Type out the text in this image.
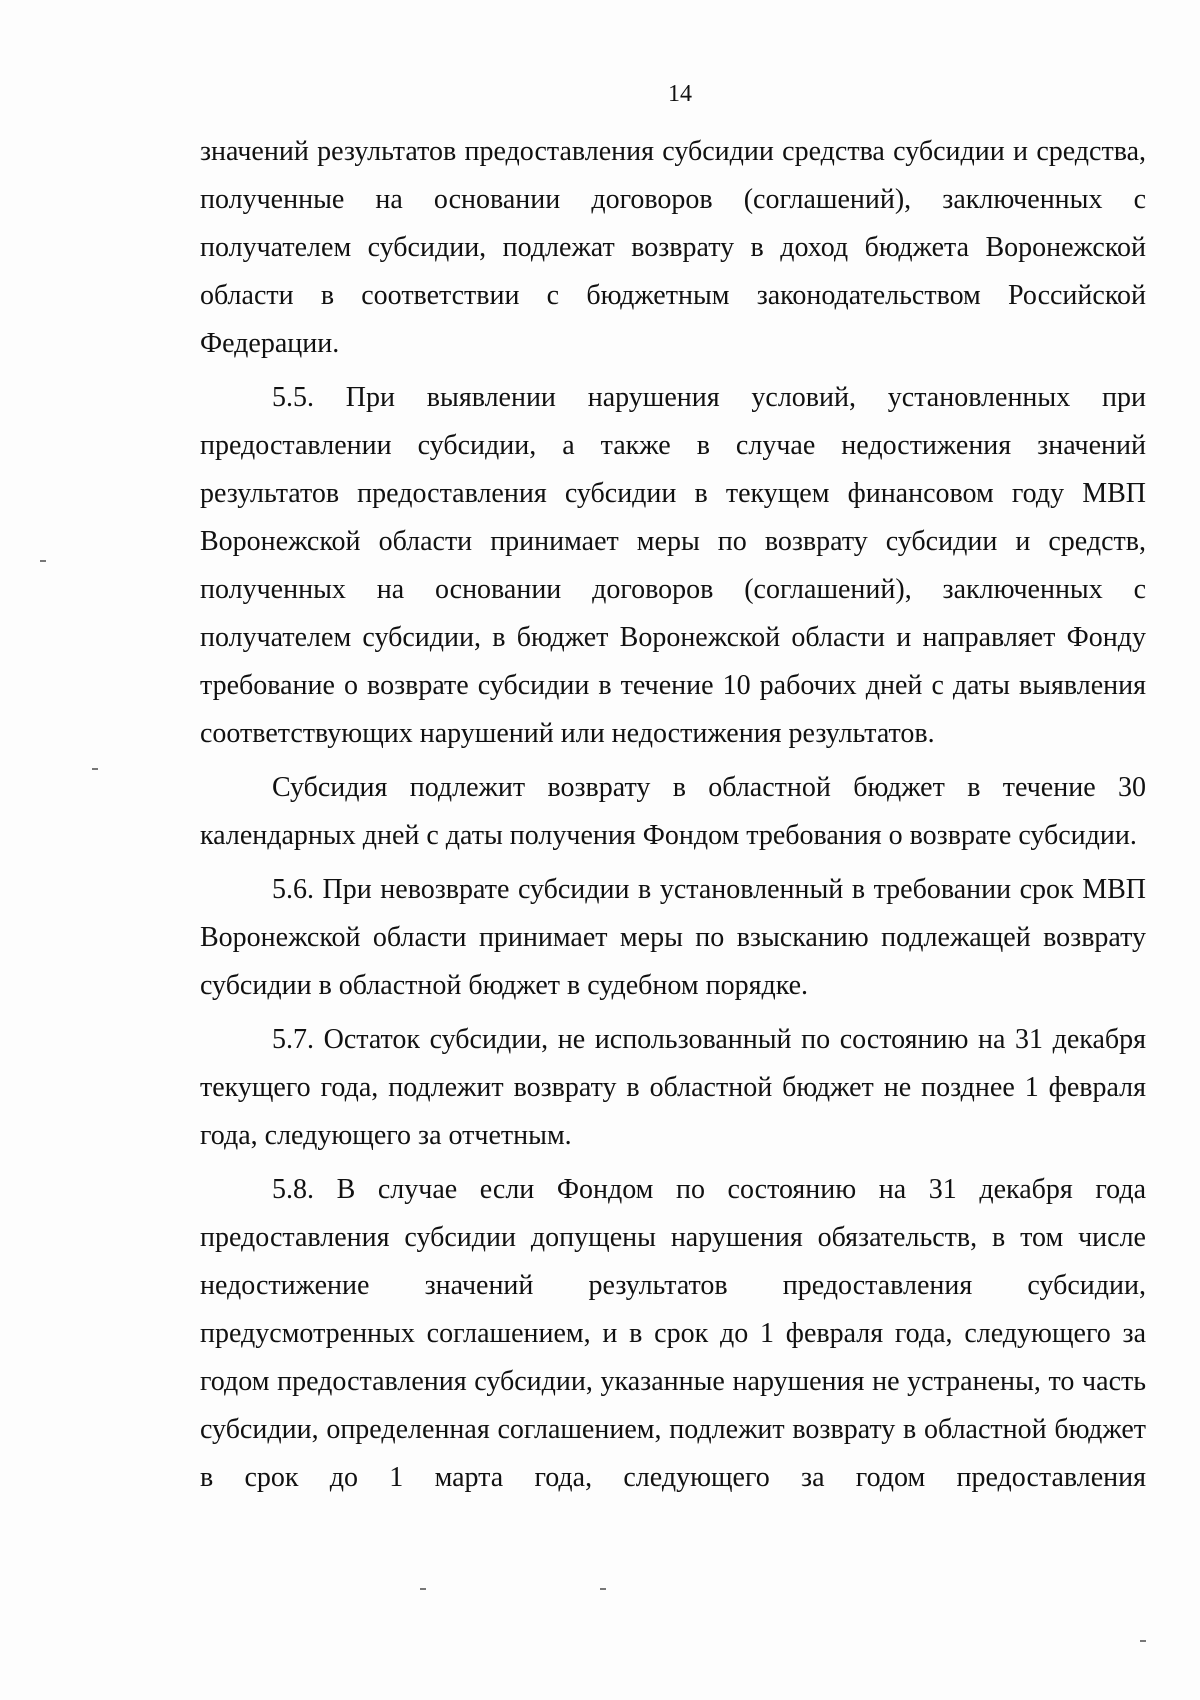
14

значений результатов предоставления субсидии средства субсидии и средства, полученные на основании договоров (соглашений), заключенных с получателем субсидии, подлежат возврату в доход бюджета Воронежской области в соответствии с бюджетным законодательством Российской Федерации.

5.5. При выявлении нарушения условий, установленных при предоставлении субсидии, а также в случае недостижения значений результатов предоставления субсидии в текущем финансовом году МВП Воронежской области принимает меры по возврату субсидии и средств, полученных на основании договоров (соглашений), заключенных с получателем субсидии, в бюджет Воронежской области и направляет Фонду требование о возврате субсидии в течение 10 рабочих дней с даты выявления соответствующих нарушений или недостижения результатов.

Субсидия подлежит возврату в областной бюджет в течение 30 календарных дней с даты получения Фондом требования о возврате субсидии.

5.6. При невозврате субсидии в установленный в требовании срок МВП Воронежской области принимает меры по взысканию подлежащей возврату субсидии в областной бюджет в судебном порядке.

5.7. Остаток субсидии, не использованный по состоянию на 31 декабря текущего года, подлежит возврату в областной бюджет не позднее 1 февраля года, следующего за отчетным.

5.8. В случае если Фондом по состоянию на 31 декабря года предоставления субсидии допущены нарушения обязательств, в том числе недостижение значений результатов предоставления субсидии, предусмотренных соглашением, и в срок до 1 февраля года, следующего за годом предоставления субсидии, указанные нарушения не устранены, то часть субсидии, определенная соглашением, подлежит возврату в областной бюджет в срок до 1 марта года, следующего за годом предоставления
